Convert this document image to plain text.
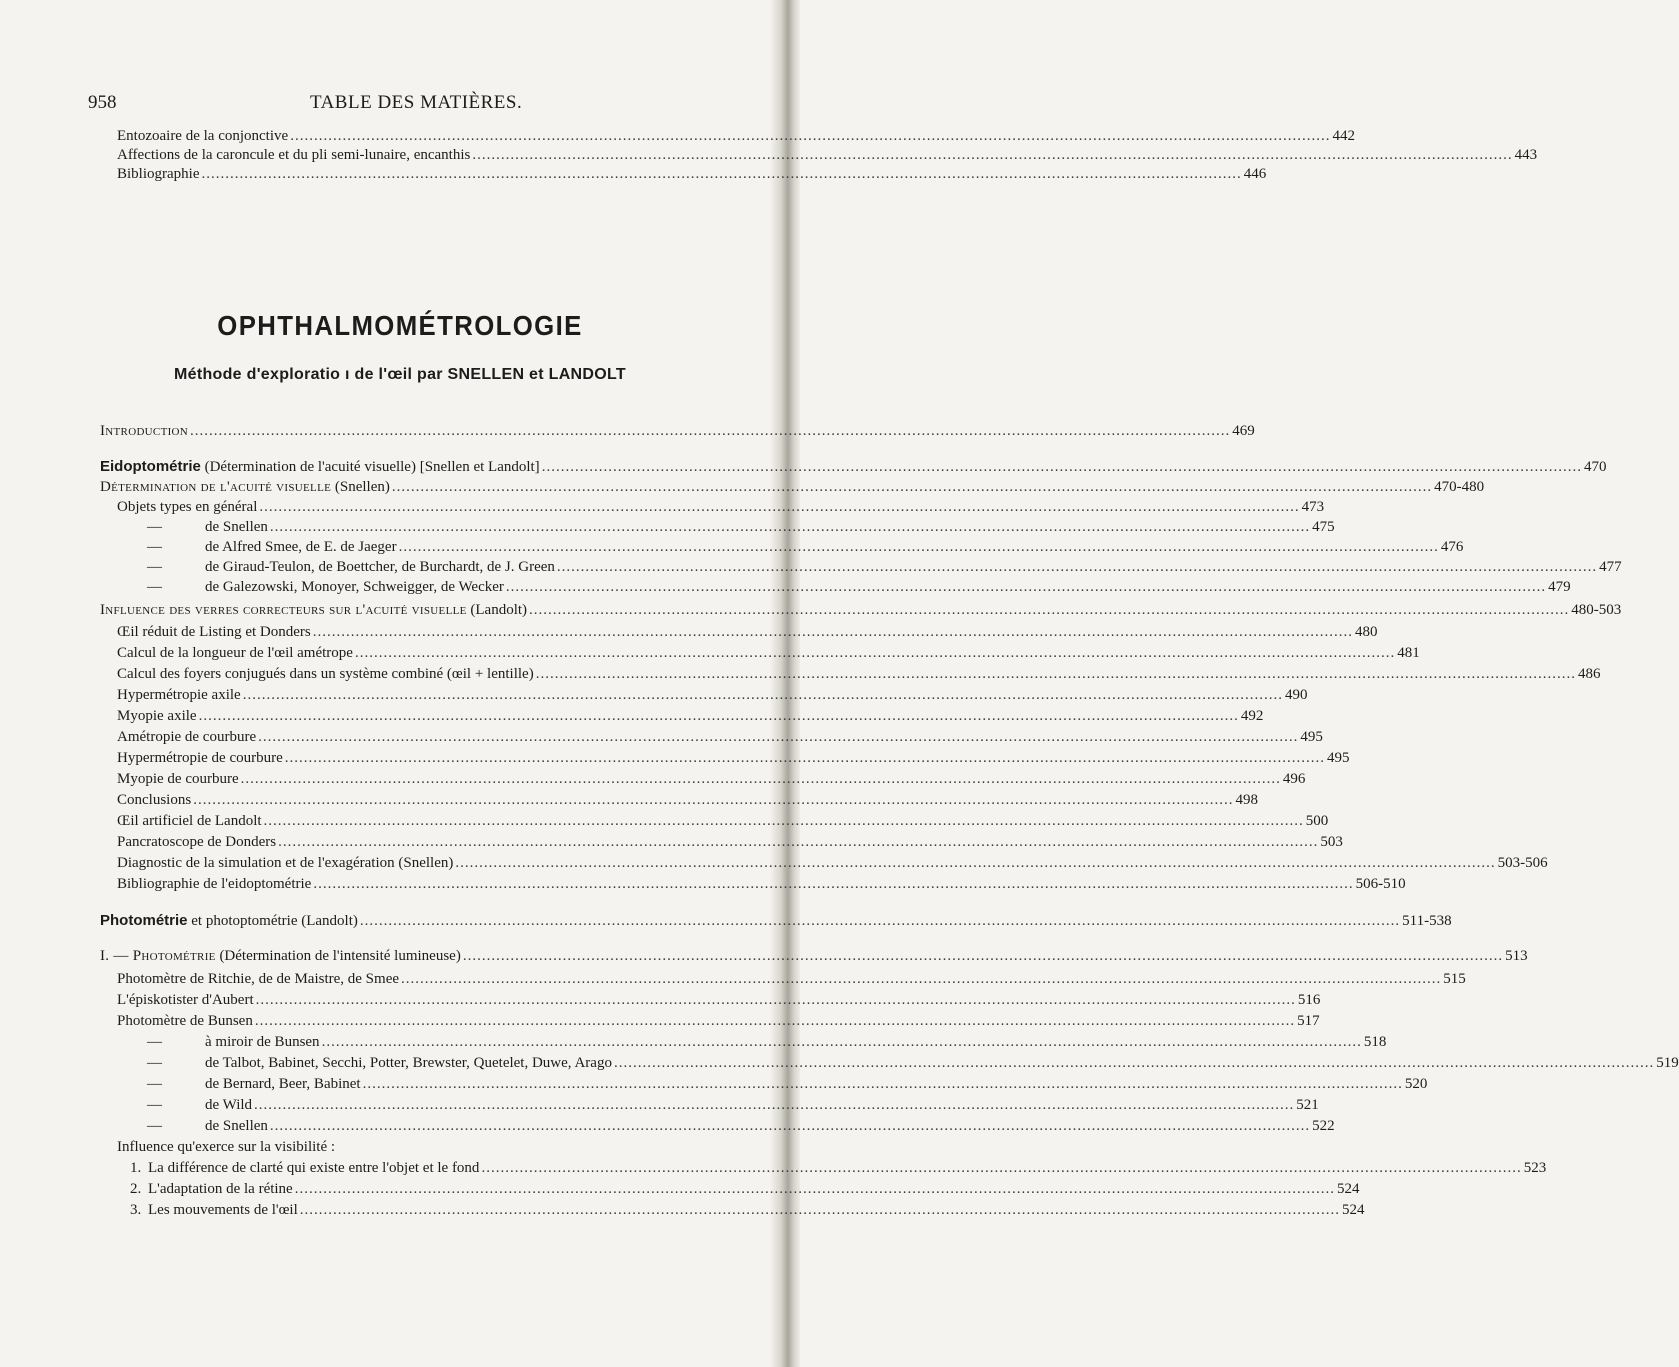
958	TABLE DES MATIÈRES.
Entozoaire de la conjonctive .....	442
Affections de la caroncule et du pli semi-lunaire, encanthis .....	443
Bibliographie .....	446
OPHTHALMOMÉTROLOGIE
Méthode d'exploratio ı de l'œil par SNELLEN et LANDOLT
Introduction .....	469
Eidoptométrie (Détermination de l'acuité visuelle) [Snellen et Landolt] .....	470
Détermination de l'acuité visuelle (Snellen) .....	470-480
Objets types en général .....	473
—	de Snellen .....	475
—	de Alfred Smee, de E. de Jaeger .....	476
—	de Giraud-Teulon, de Boettcher, de Burchardt, de J. Green .....	477
—	de Galezowski, Monoyer, Schweigger, de Wecker .....	479
Influence des verres correcteurs sur l'acuité visuelle (Landolt) .....	480-503
Œil réduit de Listing et Donders .....	480
Calcul de la longueur de l'œil amétrope .....	481
Calcul des foyers conjugués dans un système combiné (œil + lentille) .....	486
Hypermétropie axile .....	490
Myopie axile .....	492
Amétropie de courbure .....	495
Hypermétropie de courbure .....	495
Myopie de courbure .....	496
Conclusions .....	498
Œil artificiel de Landolt .....	500
Pancratoscope de Donders .....	503
Diagnostic de la simulation et de l'exagération (Snellen) .....	503-506
Bibliographie de l'eidoptométrie .....	506-510
Photométrie et photoptométrie (Landolt) .....	511-538
I. — Photométrie (Détermination de l'intensité lumineuse) .....	513
Photomètre de Ritchie, de de Maistre, de Smee .....	515
L'épiskotister d'Aubert .....	516
Photomètre de Bunsen .....	517
—	à miroir de Bunsen .....	518
—	de Talbot, Babinet, Secchi, Potter, Brewster, Quetelet, Duwe, Arago .....	519
—	de Bernard, Beer, Babinet .....	520
—	de Wild .....	521
—	de Snellen .....	522
Influence qu'exerce sur la visibilité :
1. La différence de clarté qui existe entre l'objet et le fond .....	523
2. L'adaptation de la rétine .....	524
3. Les mouvements de l'œil .....	524
